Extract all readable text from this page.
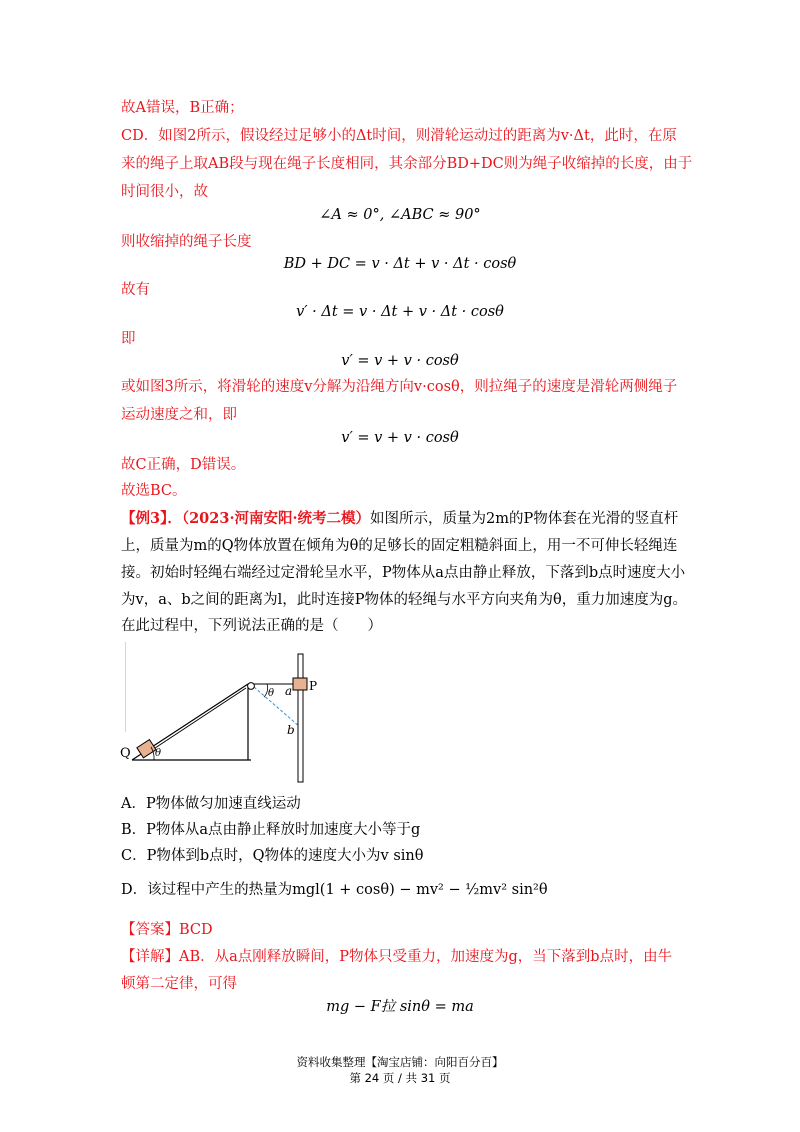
故A错误，B正确；
CD．如图2所示，假设经过足够小的Δt时间，则滑轮运动过的距离为v·Δt，此时，在原
来的绳子上取AB段与现在绳子长度相同，其余部分BD+DC则为绳子收缩掉的长度，由于
时间很小，故
∠A ≈ 0°, ∠ABC ≈ 90°
则收缩掉的绳子长度
BD + DC = v · Δt + v · Δt · cosθ
故有
v′ · Δt = v · Δt + v · Δt · cosθ
即
v′ = v + v · cosθ
或如图3所示，将滑轮的速度v分解为沿绳方向v·cosθ，则拉绳子的速度是滑轮两侧绳子
运动速度之和，即
v′ = v + v · cosθ
故C正确，D错误。
故选BC。
【例3】．（2023·河南安阳·统考二模）如图所示，质量为2m的P物体套在光滑的竖直杆
上，质量为m的Q物体放置在倾角为θ的足够长的固定粗糙斜面上，用一不可伸长轻绳连
接。初始时轻绳右端经过定滑轮呈水平，P物体从a点由静止释放，下落到b点时速度大小
为v，a、b之间的距离为l，此时连接P物体的轻绳与水平方向夹角为θ，重力加速度为g。
在此过程中，下列说法正确的是（　　）
Q
P
a
b
θ
θ
A．P物体做匀加速直线运动
B．P物体从a点由静止释放时加速度大小等于g
C．P物体到b点时，Q物体的速度大小为v sinθ
D．该过程中产生的热量为mgl(1 + cosθ) − mv² − ½mv² sin²θ
【答案】BCD
【详解】AB．从a点刚释放瞬间，P物体只受重力，加速度为g，当下落到b点时，由牛
顿第二定律，可得
mg − F拉 sinθ = ma
资料收集整理【淘宝店铺：向阳百分百】
第 24 页 / 共 31 页
